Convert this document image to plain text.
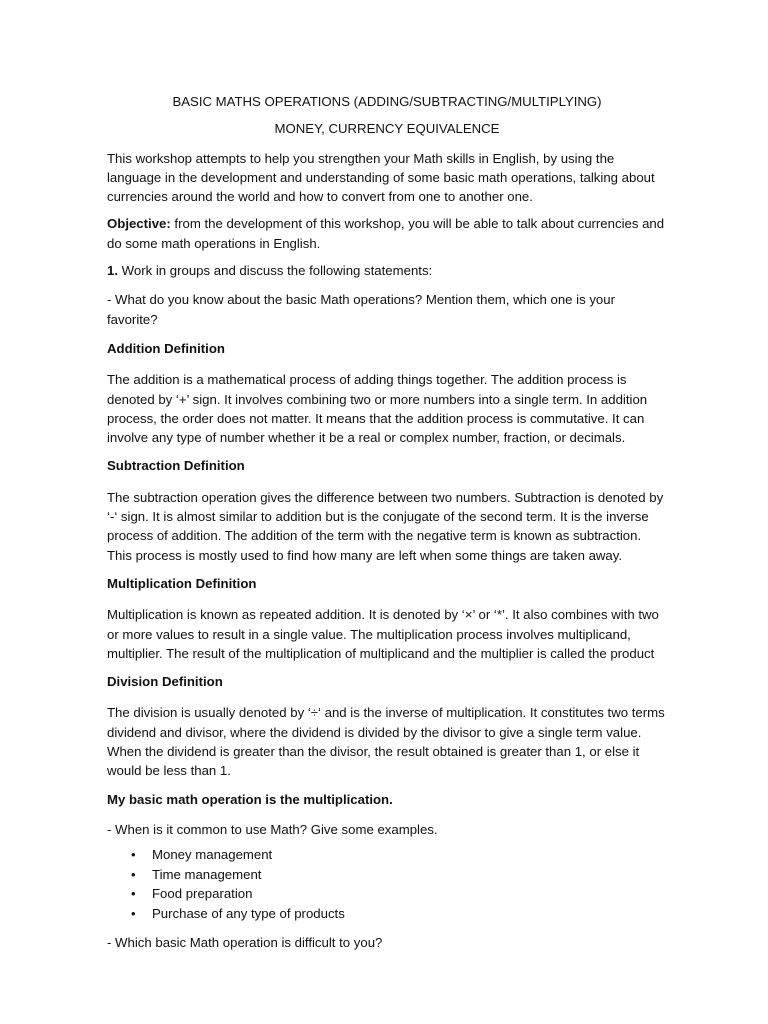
BASIC MATHS OPERATIONS (ADDING/SUBTRACTING/MULTIPLYING)

MONEY, CURRENCY EQUIVALENCE

This workshop attempts to help you strengthen your Math skills in English, by using the language in the development and understanding of some basic math operations, talking about currencies around the world and how to convert from one to another one.

Objective: from the development of this workshop, you will be able to talk about currencies and do some math operations in English.

1. Work in groups and discuss the following statements:

- What do you know about the basic Math operations? Mention them, which one is your favorite?

Addition Definition

The addition is a mathematical process of adding things together. The addition process is denoted by ‘+’ sign. It involves combining two or more numbers into a single term. In addition process, the order does not matter. It means that the addition process is commutative. It can involve any type of number whether it be a real or complex number, fraction, or decimals.

Subtraction Definition

The subtraction operation gives the difference between two numbers. Subtraction is denoted by ‘-‘ sign. It is almost similar to addition but is the conjugate of the second term. It is the inverse process of addition. The addition of the term with the negative term is known as subtraction. This process is mostly used to find how many are left when some things are taken away.

Multiplication Definition

Multiplication is known as repeated addition. It is denoted by ‘×’ or ‘*’. It also combines with two or more values to result in a single value. The multiplication process involves multiplicand, multiplier. The result of the multiplication of multiplicand and the multiplier is called the product

Division Definition

The division is usually denoted by ‘÷‘ and is the inverse of multiplication. It constitutes two terms dividend and divisor, where the dividend is divided by the divisor to give a single term value. When the dividend is greater than the divisor, the result obtained is greater than 1, or else it would be less than 1.

My basic math operation is the multiplication.

- When is it common to use Math? Give some examples.

• Money management
• Time management
• Food preparation
• Purchase of any type of products

- Which basic Math operation is difficult to you?
